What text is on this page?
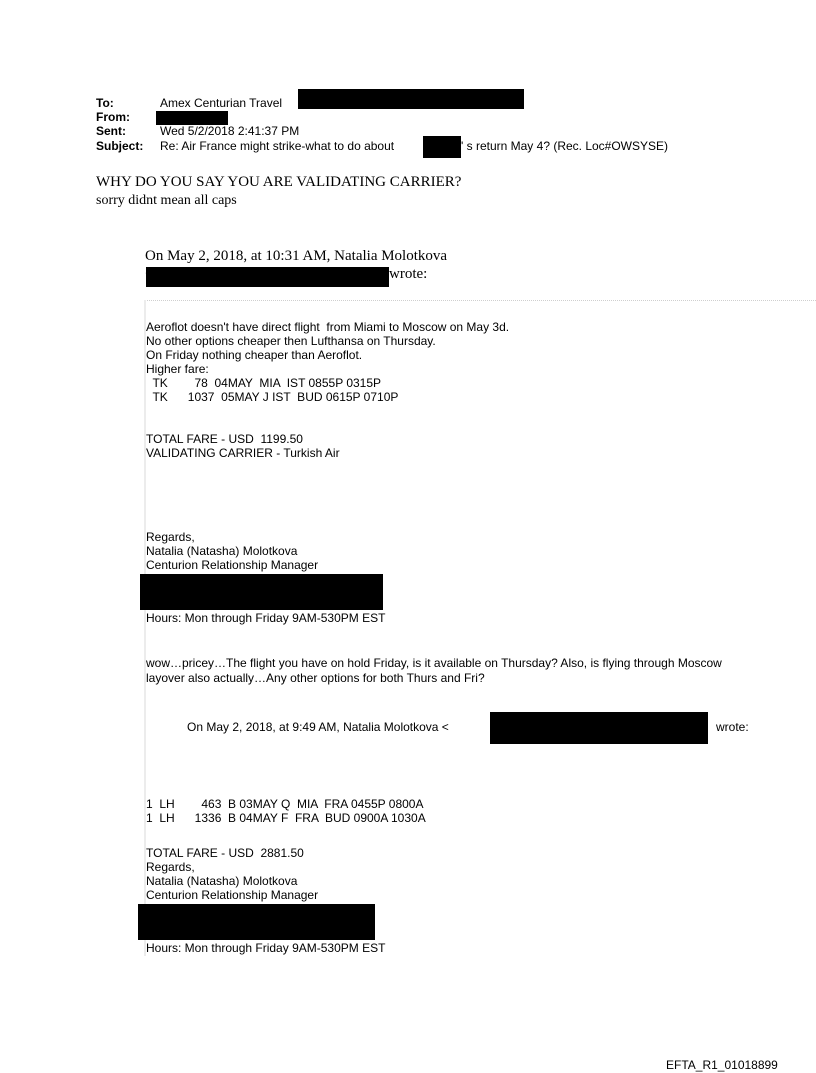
To:	Amex Centurian Travel
From:
Sent:	Wed 5/2/2018 2:41:37 PM
Subject: Re: Air France might strike-what to do about	' s return May 4? (Rec. Loc#OWSYSE)
WHY DO YOU SAY YOU ARE VALIDATING CARRIER?
sorry didnt mean all caps
On May 2, 2018, at 10:31 AM, Natalia Molotkova
wrote:
Aeroflot doesn't have direct flight  from Miami to Moscow on May 3d.
No other options cheaper then Lufthansa on Thursday.
On Friday nothing cheaper than Aeroflot.
Higher fare:
TK        78  04MAY  MIA  IST 0855P 0315P
TK      1037  05MAY J IST  BUD 0615P 0710P
TOTAL FARE - USD  1199.50
VALIDATING CARRIER - Turkish Air
Regards,
Natalia (Natasha) Molotkova
Centurion Relationship Manager
Hours: Mon through Friday 9AM-530PM EST
wow…pricey…The flight you have on hold Friday, is it available on Thursday? Also, is flying through Moscow
layover also actually…Any other options for both Thurs and Fri?
On May 2, 2018, at 9:49 AM, Natalia Molotkova <	wrote:
1  LH        463  B 03MAY Q  MIA  FRA 0455P 0800A
1  LH      1336  B 04MAY F  FRA  BUD 0900A 1030A
TOTAL FARE - USD  2881.50
Regards,
Natalia (Natasha) Molotkova
Centurion Relationship Manager
Hours: Mon through Friday 9AM-530PM EST
EFTA_R1_01018899
